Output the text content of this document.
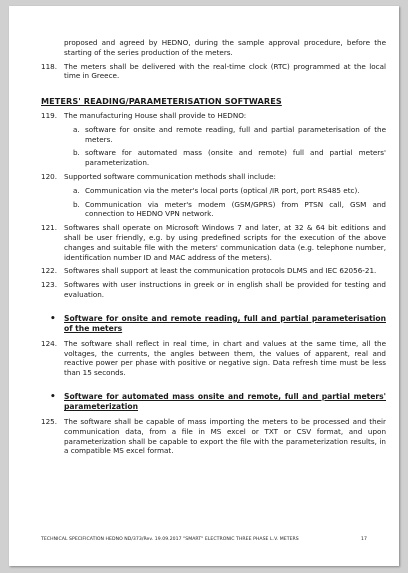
proposed and agreed by HEDNO, during the sample approval procedure, before the starting of the series production of the meters.
118. The meters shall be delivered with the real-time clock (RTC) programmed at the local time in Greece.
METERS' READING/PARAMETERISATION SOFTWARES
119. The manufacturing House shall provide to HEDNO:
a. software for onsite and remote reading, full and partial parameterisation of the meters.
b. software for automated mass (onsite and remote) full and partial meters' parameterization.
120. Supported software communication methods shall include:
a. Communication via the meter's local ports (optical /IR port, port RS485 etc).
b. Communication via meter's modem (GSM/GPRS) from PTSN call, GSM and connection to HEDNO VPN network.
121. Softwares shall operate on Microsoft Windows 7 and later, at 32 & 64 bit editions and shall be user friendly, e.g. by using predefined scripts for the execution of the above changes and suitable file with the meters' communication data (e.g. telephone number, identification number ID and MAC address of the meters).
122. Softwares shall support at least the communication protocols DLMS and IEC 62056-21.
123. Softwares with user instructions in greek or in english shall be provided for testing and evaluation.
• Software for onsite and remote reading, full and partial parameterisation of the meters
124. The software shall reflect in real time, in chart and values at the same time, all the voltages, the currents, the angles between them, the values of apparent, real and reactive power per phase with positive or negative sign. Data refresh time must be less than 15 seconds.
• Software for automated mass onsite and remote, full and partial meters' parameterization
125. The software shall be capable of mass importing the meters to be processed and their communication data, from a file in MS excel or TXT or CSV format, and upon parameterization shall be capable to export the file with the parameterization results, in a compatible MS excel format.
TECHNICAL SPECIFICATION HEDNO ND/373/Rev. 19.09.2017 "SMART" ELECTRONIC THREE PHASE L.V. METERS	17
